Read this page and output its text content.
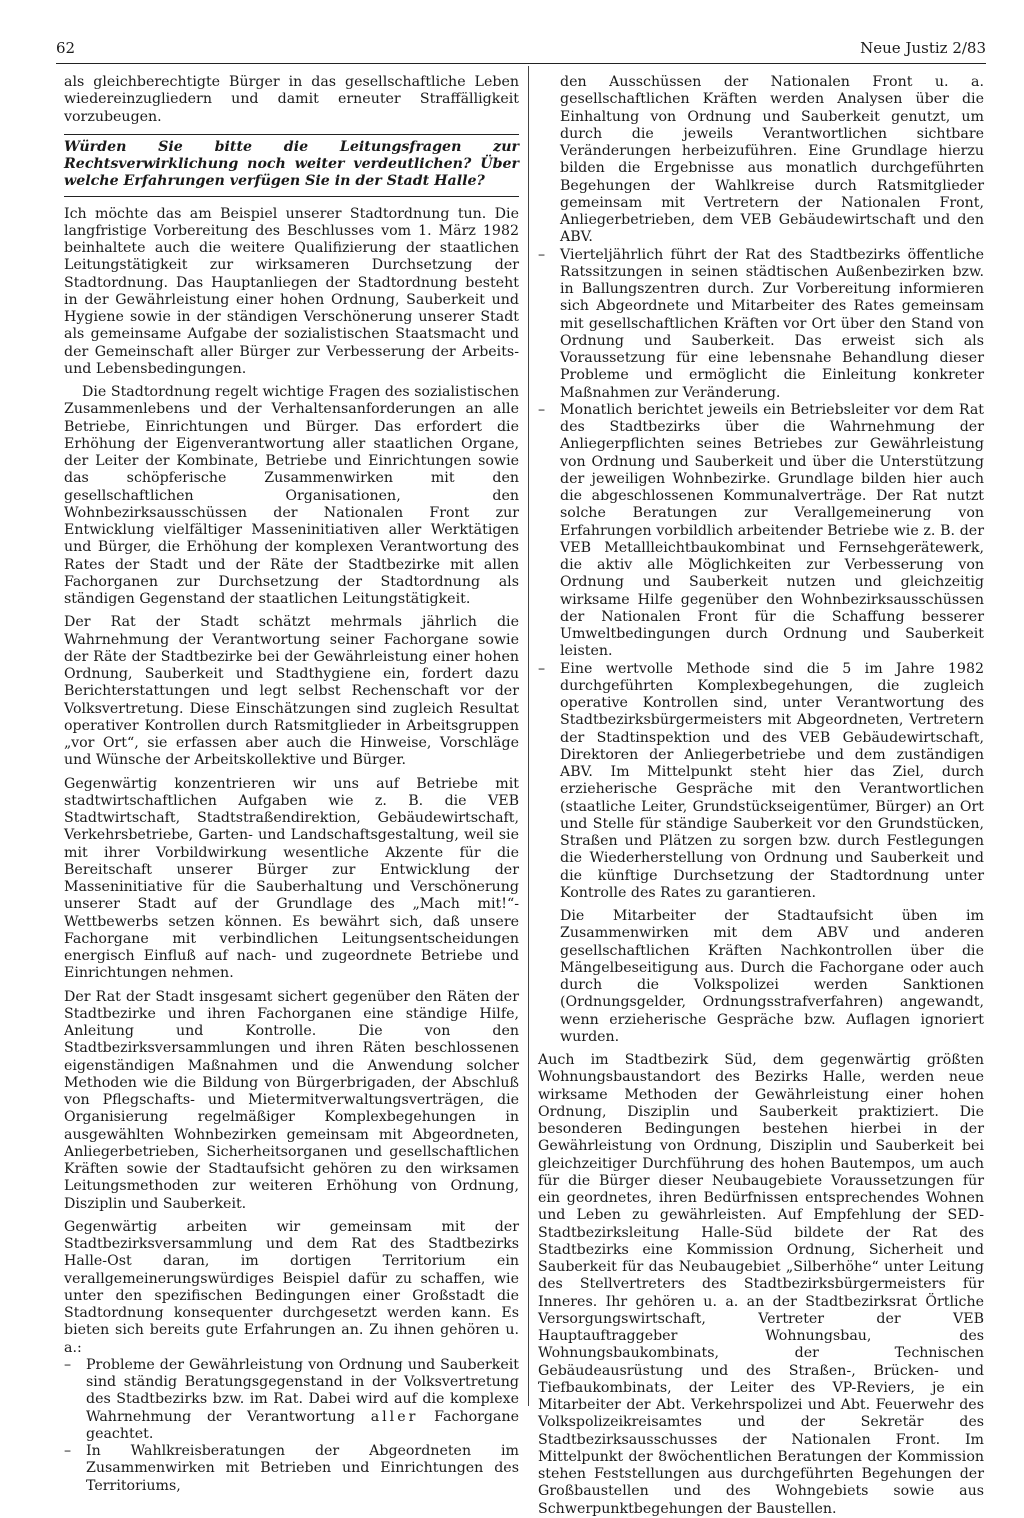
62	Neue Justiz 2/83

als gleichberechtigte Bürger in das gesellschaftliche Leben wiedereinzugliedern und damit erneuter Straffälligkeit vorzubeugen.

Würden Sie bitte die Leitungsfragen zur Rechtsverwirklichung noch weiter verdeutlichen? Über welche Erfahrungen verfügen Sie in der Stadt Halle?

Ich möchte das am Beispiel unserer Stadtordnung tun. Die langfristige Vorbereitung des Beschlusses vom 1. März 1982 beinhaltete auch die weitere Qualifizierung der staatlichen Leitungstätigkeit zur wirksameren Durchsetzung der Stadtordnung. Das Hauptanliegen der Stadtordnung besteht in der Gewährleistung einer hohen Ordnung, Sauberkeit und Hygiene sowie in der ständigen Verschönerung unserer Stadt als gemeinsame Aufgabe der sozialistischen Staatsmacht und der Gemeinschaft aller Bürger zur Verbesserung der Arbeits- und Lebensbedingungen.

Die Stadtordnung regelt wichtige Fragen des sozialistischen Zusammenlebens und der Verhaltensanforderungen an alle Betriebe, Einrichtungen und Bürger. Das erfordert die Erhöhung der Eigenverantwortung aller staatlichen Organe, der Leiter der Kombinate, Betriebe und Einrichtungen sowie das schöpferische Zusammenwirken mit den gesellschaftlichen Organisationen, den Wohnbezirksausschüssen der Nationalen Front zur Entwicklung vielfältiger Masseninitiativen aller Werktätigen und Bürger, die Erhöhung der komplexen Verantwortung des Rates der Stadt und der Räte der Stadtbezirke mit allen Fachorganen zur Durchsetzung der Stadtordnung als ständigen Gegenstand der staatlichen Leitungstätigkeit.

Der Rat der Stadt schätzt mehrmals jährlich die Wahrnehmung der Verantwortung seiner Fachorgane sowie der Räte der Stadtbezirke bei der Gewährleistung einer hohen Ordnung, Sauberkeit und Stadthygiene ein, fordert dazu Berichterstattungen und legt selbst Rechenschaft vor der Volksvertretung. Diese Einschätzungen sind zugleich Resultat operativer Kontrollen durch Ratsmitglieder in Arbeitsgruppen „vor Ort“, sie erfassen aber auch die Hinweise, Vorschläge und Wünsche der Arbeitskollektive und Bürger.

Gegenwärtig konzentrieren wir uns auf Betriebe mit stadtwirtschaftlichen Aufgaben wie z. B. die VEB Stadtwirtschaft, Stadtstraßendirektion, Gebäudewirtschaft, Verkehrsbetriebe, Garten- und Landschaftsgestaltung, weil sie mit ihrer Vorbildwirkung wesentliche Akzente für die Bereitschaft unserer Bürger zur Entwicklung der Masseninitiative für die Sauberhaltung und Verschönerung unserer Stadt auf der Grundlage des „Mach mit!“-Wettbewerbs setzen können. Es bewährt sich, daß unsere Fachorgane mit verbindlichen Leitungsentscheidungen energisch Einfluß auf nach- und zugeordnete Betriebe und Einrichtungen nehmen.

Der Rat der Stadt insgesamt sichert gegenüber den Räten der Stadtbezirke und ihren Fachorganen eine ständige Hilfe, Anleitung und Kontrolle. Die von den Stadtbezirksversammlungen und ihren Räten beschlossenen eigenständigen Maßnahmen und die Anwendung solcher Methoden wie die Bildung von Bürgerbrigaden, der Abschluß von Pflegschafts- und Mietermitverwaltungsverträgen, die Organisierung regelmäßiger Komplexbegehungen in ausgewählten Wohnbezirken gemeinsam mit Abgeordneten, Anliegerbetrieben, Sicherheitsorganen und gesellschaftlichen Kräften sowie der Stadtaufsicht gehören zu den wirksamen Leitungsmethoden zur weiteren Erhöhung von Ordnung, Disziplin und Sauberkeit.

Gegenwärtig arbeiten wir gemeinsam mit der Stadtbezirksversammlung und dem Rat des Stadtbezirks Halle-Ost daran, im dortigen Territorium ein verallgemeinerungswürdiges Beispiel dafür zu schaffen, wie unter den spezifischen Bedingungen einer Großstadt die Stadtordnung konsequenter durchgesetzt werden kann. Es bieten sich bereits gute Erfahrungen an. Zu ihnen gehören u. a.:

– Probleme der Gewährleistung von Ordnung und Sauberkeit sind ständig Beratungsgegenstand in der Volksvertretung des Stadtbezirks bzw. im Rat. Dabei wird auf die komplexe Wahrnehmung der Verantwortung aller Fachorgane geachtet.
– In Wahlkreisberatungen der Abgeordneten im Zusammenwirken mit Betrieben und Einrichtungen des Territoriums,

den Ausschüssen der Nationalen Front u. a. gesellschaftlichen Kräften werden Analysen über die Einhaltung von Ordnung und Sauberkeit genutzt, um durch die jeweils Verantwortlichen sichtbare Veränderungen herbeizuführen. Eine Grundlage hierzu bilden die Ergebnisse aus monatlich durchgeführten Begehungen der Wahlkreise durch Ratsmitglieder gemeinsam mit Vertretern der Nationalen Front, Anliegerbetrieben, dem VEB Gebäudewirtschaft und den ABV.

– Vierteljährlich führt der Rat des Stadtbezirks öffentliche Ratssitzungen in seinen städtischen Außenbezirken bzw. in Ballungszentren durch. Zur Vorbereitung informieren sich Abgeordnete und Mitarbeiter des Rates gemeinsam mit gesellschaftlichen Kräften vor Ort über den Stand von Ordnung und Sauberkeit. Das erweist sich als Voraussetzung für eine lebensnahe Behandlung dieser Probleme und ermöglicht die Einleitung konkreter Maßnahmen zur Veränderung.
– Monatlich berichtet jeweils ein Betriebsleiter vor dem Rat des Stadtbezirks über die Wahrnehmung der Anliegerpflichten seines Betriebes zur Gewährleistung von Ordnung und Sauberkeit und über die Unterstützung der jeweiligen Wohnbezirke. Grundlage bilden hier auch die abgeschlossenen Kommunalverträge. Der Rat nutzt solche Beratungen zur Verallgemeinerung von Erfahrungen vorbildlich arbeitender Betriebe wie z. B. der VEB Metallleichtbaukombinat und Fernsehgerätewerk, die aktiv alle Möglichkeiten zur Verbesserung von Ordnung und Sauberkeit nutzen und gleichzeitig wirksame Hilfe gegenüber den Wohnbezirksausschüssen der Nationalen Front für die Schaffung besserer Umweltbedingungen durch Ordnung und Sauberkeit leisten.
– Eine wertvolle Methode sind die 5 im Jahre 1982 durchgeführten Komplexbegehungen, die zugleich operative Kontrollen sind, unter Verantwortung des Stadtbezirksbürgermeisters mit Abgeordneten, Vertretern der Stadtinspektion und des VEB Gebäudewirtschaft, Direktoren der Anliegerbetriebe und dem zuständigen ABV. Im Mittelpunkt steht hier das Ziel, durch erzieherische Gespräche mit den Verantwortlichen (staatliche Leiter, Grundstückseigentümer, Bürger) an Ort und Stelle für ständige Sauberkeit vor den Grundstücken, Straßen und Plätzen zu sorgen bzw. durch Festlegungen die Wiederherstellung von Ordnung und Sauberkeit und die künftige Durchsetzung der Stadtordnung unter Kontrolle des Rates zu garantieren.

Die Mitarbeiter der Stadtaufsicht üben im Zusammenwirken mit dem ABV und anderen gesellschaftlichen Kräften Nachkontrollen über die Mängelbeseitigung aus. Durch die Fachorgane oder auch durch die Volkspolizei werden Sanktionen (Ordnungsgelder, Ordnungsstrafverfahren) angewandt, wenn erzieherische Gespräche bzw. Auflagen ignoriert wurden.

Auch im Stadtbezirk Süd, dem gegenwärtig größten Wohnungsbaustandort des Bezirks Halle, werden neue wirksame Methoden der Gewährleistung einer hohen Ordnung, Disziplin und Sauberkeit praktiziert. Die besonderen Bedingungen bestehen hierbei in der Gewährleistung von Ordnung, Disziplin und Sauberkeit bei gleichzeitiger Durchführung des hohen Bautempos, um auch für die Bürger dieser Neubaugebiete Voraussetzungen für ein geordnetes, ihren Bedürfnissen entsprechendes Wohnen und Leben zu gewährleisten. Auf Empfehlung der SED-Stadtbezirksleitung Halle-Süd bildete der Rat des Stadtbezirks eine Kommission Ordnung, Sicherheit und Sauberkeit für das Neubaugebiet „Silberhöhe“ unter Leitung des Stellvertreters des Stadtbezirksbürgermeisters für Inneres. Ihr gehören u. a. an der Stadtbezirksrat Örtliche Versorgungswirtschaft, Vertreter der VEB Hauptauftraggeber Wohnungsbau, des Wohnungsbaukombinats, der Technischen Gebäudeausrüstung und des Straßen-, Brücken- und Tiefbaukombinats, der Leiter des VP-Reviers, je ein Mitarbeiter der Abt. Verkehrspolizei und Abt. Feuerwehr des Volkspolizeikreisamtes und der Sekretär des Stadtbezirksausschusses der Nationalen Front. Im Mittelpunkt der 8wöchentlichen Beratungen der Kommission stehen Feststellungen aus durchgeführten Begehungen der Großbaustellen und des Wohngebiets sowie aus Schwerpunktbegehungen der Baustellen.
